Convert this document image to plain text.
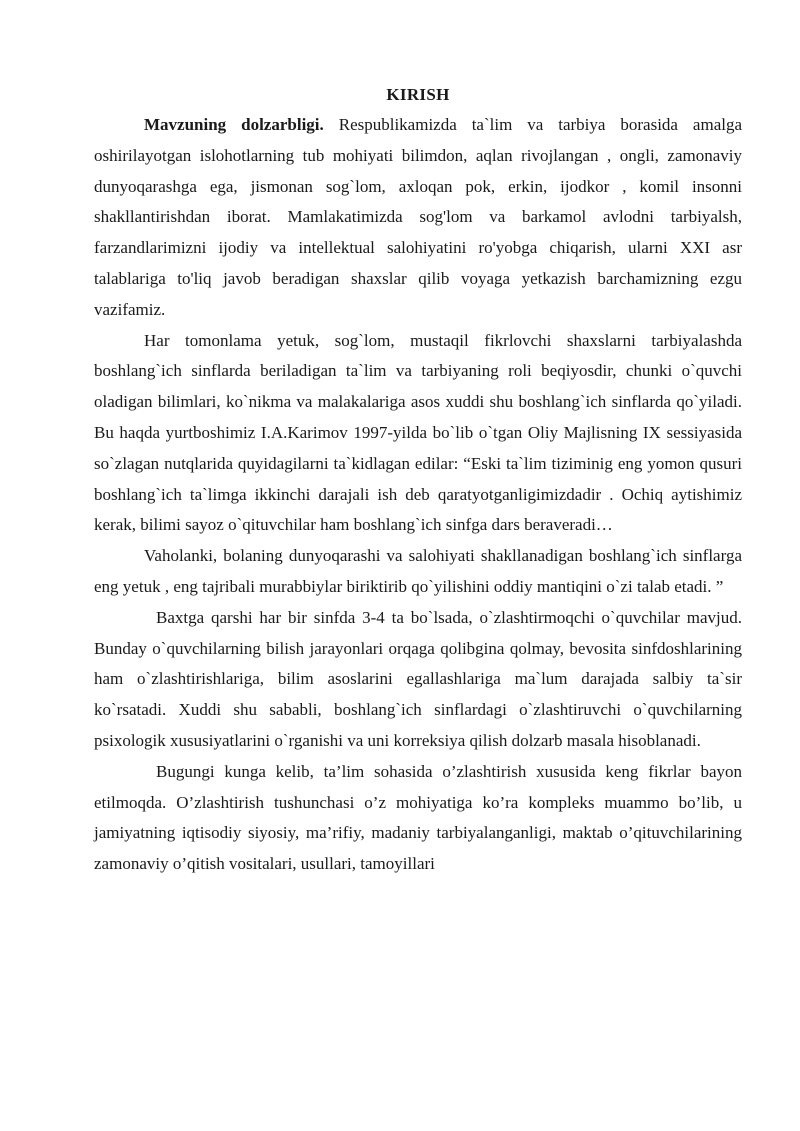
KIRISH

Mavzuning dolzarbligi. Respublikamizda ta`lim va tarbiya borasida amalga oshirilayotgan islohotlarning tub mohiyati bilimdon, aqlan rivojlangan , ongli, zamonaviy dunyoqarashga ega, jismonan sog`lom, axloqan pok, erkin, ijodkor , komil insonni shakllantirishdan iborat. Mamlakatimizda sog'lom va barkamol avlodni tarbiyalsh, farzandlarimizni ijodiy va intellektual salohiyatini ro'yobga chiqarish, ularni XXI asr talablariga to'liq javob beradigan shaxslar qilib voyaga yetkazish barchamizning ezgu vazifamiz.

Har tomonlama yetuk, sog`lom, mustaqil fikrlovchi shaxslarni tarbiyalashda boshlang`ich sinflarda beriladigan ta`lim va tarbiyaning roli beqiyosdir, chunki o`quvchi oladigan bilimlari, ko`nikma va malakalariga asos xuddi shu boshlang`ich sinflarda qo`yiladi. Bu haqda yurtboshimiz I.A.Karimov 1997-yilda bo`lib o`tgan Oliy Majlisning IX sessiyasida so`zlagan nutqlarida quyidagilarni ta`kidlagan edilar: “Eski ta`lim tiziminig eng yomon qusuri boshlang`ich ta`limga ikkinchi darajali ish deb qaratyotganligimizdadir . Ochiq aytishimiz kerak, bilimi sayoz o`qituvchilar ham boshlang`ich sinfga dars beraveradi…

Vaholanki, bolaning dunyoqarashi va salohiyati shakllanadigan boshlang`ich sinflarga eng yetuk , eng tajribali murabbiylar biriktirib qo`yilishini oddiy mantiqini o`zi talab etadi. ”

Baxtga qarshi har bir sinfda 3-4 ta bo`lsada, o`zlashtirmoqchi o`quvchilar mavjud. Bunday o`quvchilarning bilish jarayonlari orqaga qolibgina qolmay, bevosita sinfdoshlarining ham o`zlashtirishlariga, bilim asoslarini egallashlariga ma`lum darajada salbiy ta`sir ko`rsatadi. Xuddi shu sababli, boshlang`ich sinflardagi o`zlashtiruvchi o`quvchilarning psixologik xususiyatlarini o`rganishi va uni korreksiya qilish dolzarb masala hisoblanadi.

Bugungi kunga kelib, ta’lim sohasida o’zlashtirish xususida keng fikrlar bayon etilmoqda. O’zlashtirish tushunchasi o’z mohiyatiga ko’ra kompleks muammo bo’lib, u jamiyatning iqtisodiy siyosiy, ma’rifiy, madaniy tarbiyalanganligi, maktab o’qituvchilarining zamonaviy o’qitish vositalari, usullari, tamoyillari
